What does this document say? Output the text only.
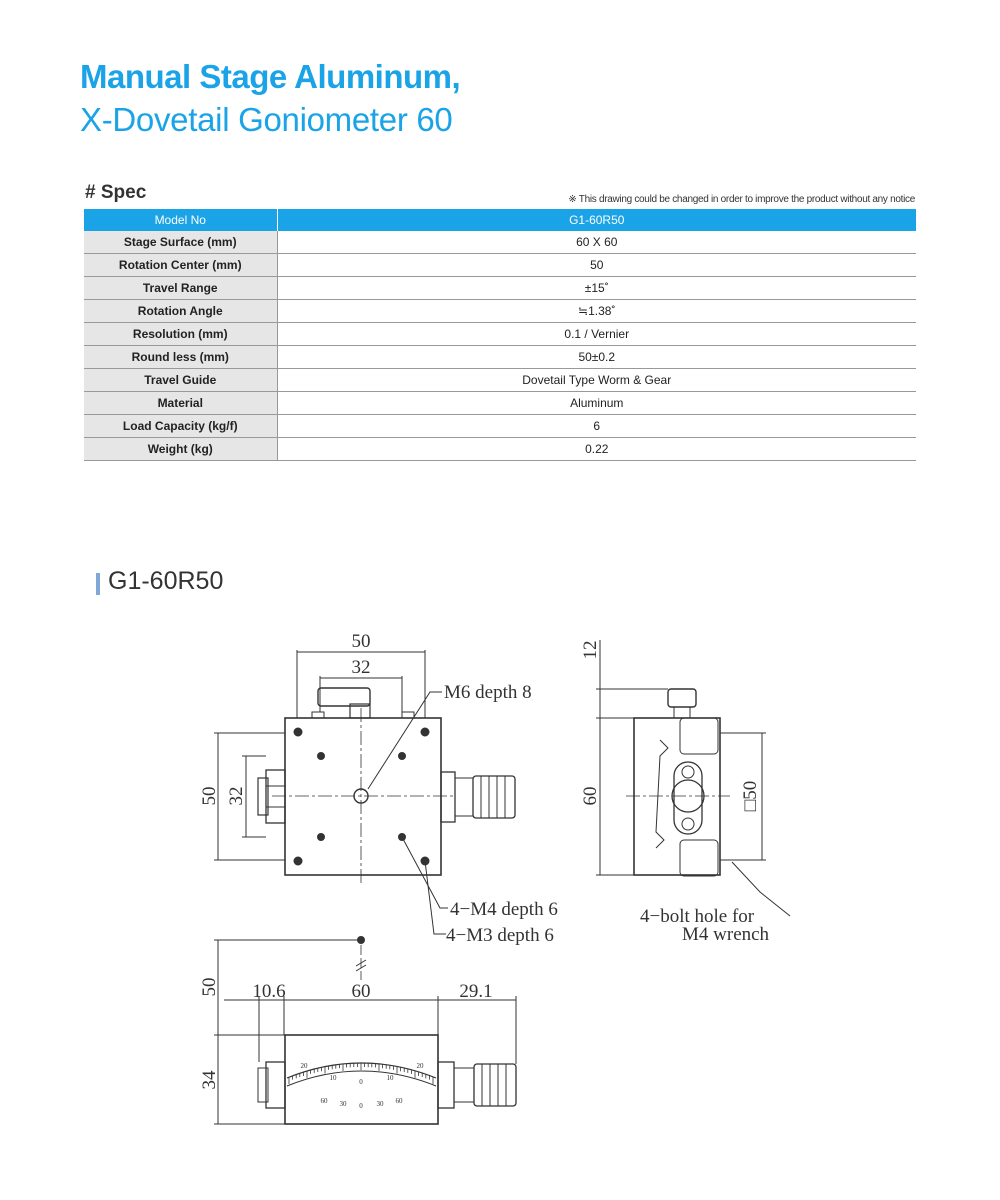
Manual Stage Aluminum,
X-Dovetail Goniometer 60
# Spec	※ This drawing could be changed in order to improve the product without any notice
Model No	G1-60R50
Stage Surface (mm)	60 X 60
Rotation Center (mm)	50
Travel Range	±15˚
Rotation Angle	≒1.38˚
Resolution (mm)	0.1 / Vernier
Round less (mm)	50±0.2
Travel Guide	Dovetail Type Worm & Gear
Material	Aluminum
Load Capacity (kg/f)	6
Weight (kg)	0.22
G1-60R50
50
32
50 32
12
60	□50
50
34
10.6	60	29.1
M6 depth 8
4−M4 depth 6
4−M3 depth 6
4−bolt hole for
M4 wrench
20
10	0	10
20
60 30 0 30 60
